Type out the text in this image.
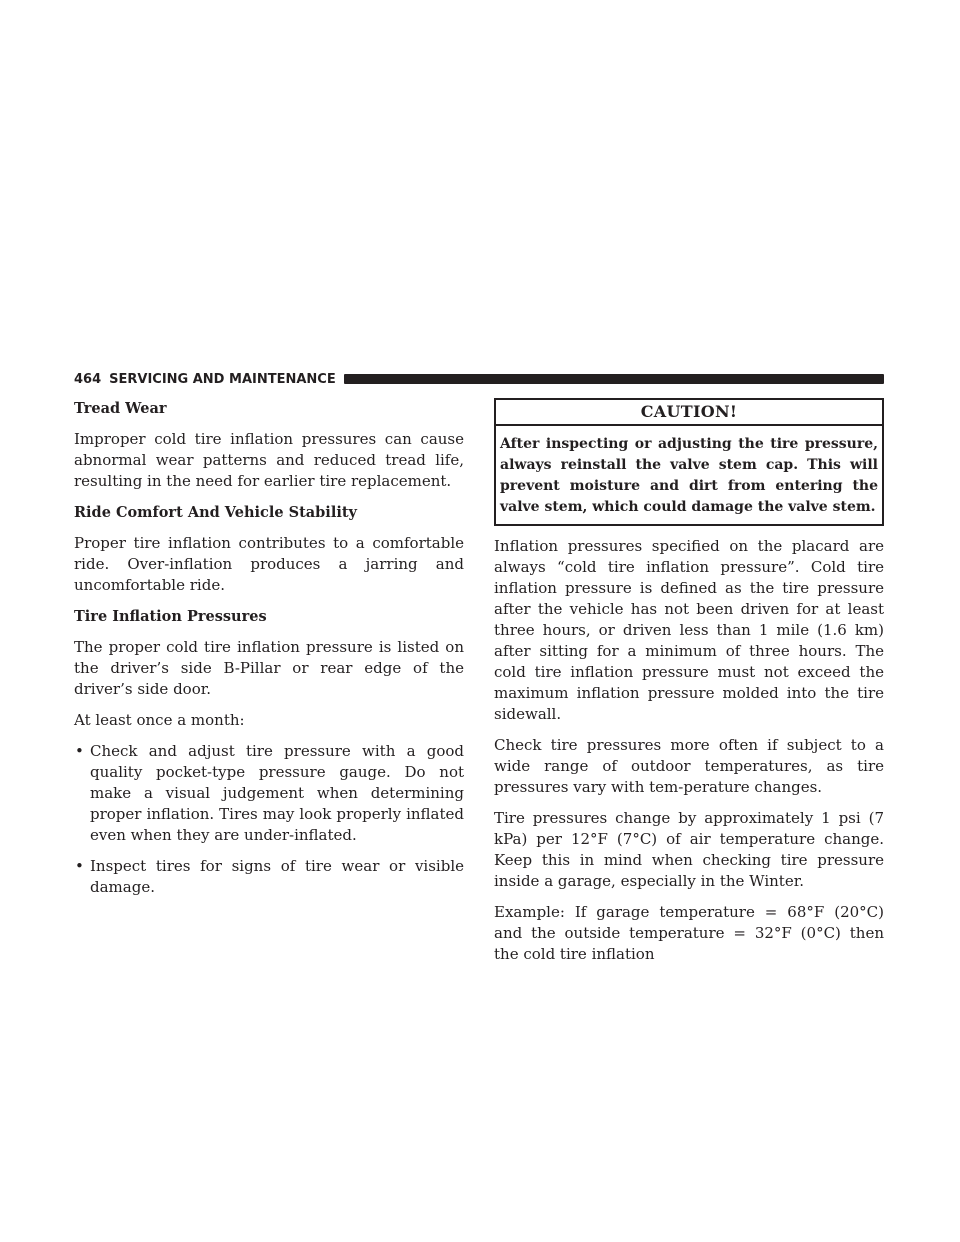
464 SERVICING AND MAINTENANCE

Tread Wear

Improper cold tire inflation pressures can cause abnormal wear patterns and reduced tread life, resulting in the need for earlier tire replacement.

Ride Comfort And Vehicle Stability

Proper tire inflation contributes to a comfortable ride. Over-inflation produces a jarring and uncomfortable ride.

Tire Inflation Pressures

The proper cold tire inflation pressure is listed on the driver’s side B-Pillar or rear edge of the driver’s side door.

At least once a month:

• Check and adjust tire pressure with a good quality pocket-type pressure gauge. Do not make a visual judgement when determining proper inflation. Tires may look properly inflated even when they are under-inflated.
• Inspect tires for signs of tire wear or visible damage.
CAUTION!
After inspecting or adjusting the tire pressure, always reinstall the valve stem cap. This will prevent moisture and dirt from entering the valve stem, which could damage the valve stem.

Inflation pressures specified on the placard are always “cold tire inflation pressure”. Cold tire inflation pressure is defined as the tire pressure after the vehicle has not been driven for at least three hours, or driven less than 1 mile (1.6 km) after sitting for a minimum of three hours. The cold tire inflation pressure must not exceed the maximum inflation pressure molded into the tire sidewall.

Check tire pressures more often if subject to a wide range of outdoor temperatures, as tire pressures vary with tem-perature changes.

Tire pressures change by approximately 1 psi (7 kPa) per 12°F (7°C) of air temperature change. Keep this in mind when checking tire pressure inside a garage, especially in the Winter.

Example: If garage temperature = 68°F (20°C) and the outside temperature = 32°F (0°C) then the cold tire inflation
